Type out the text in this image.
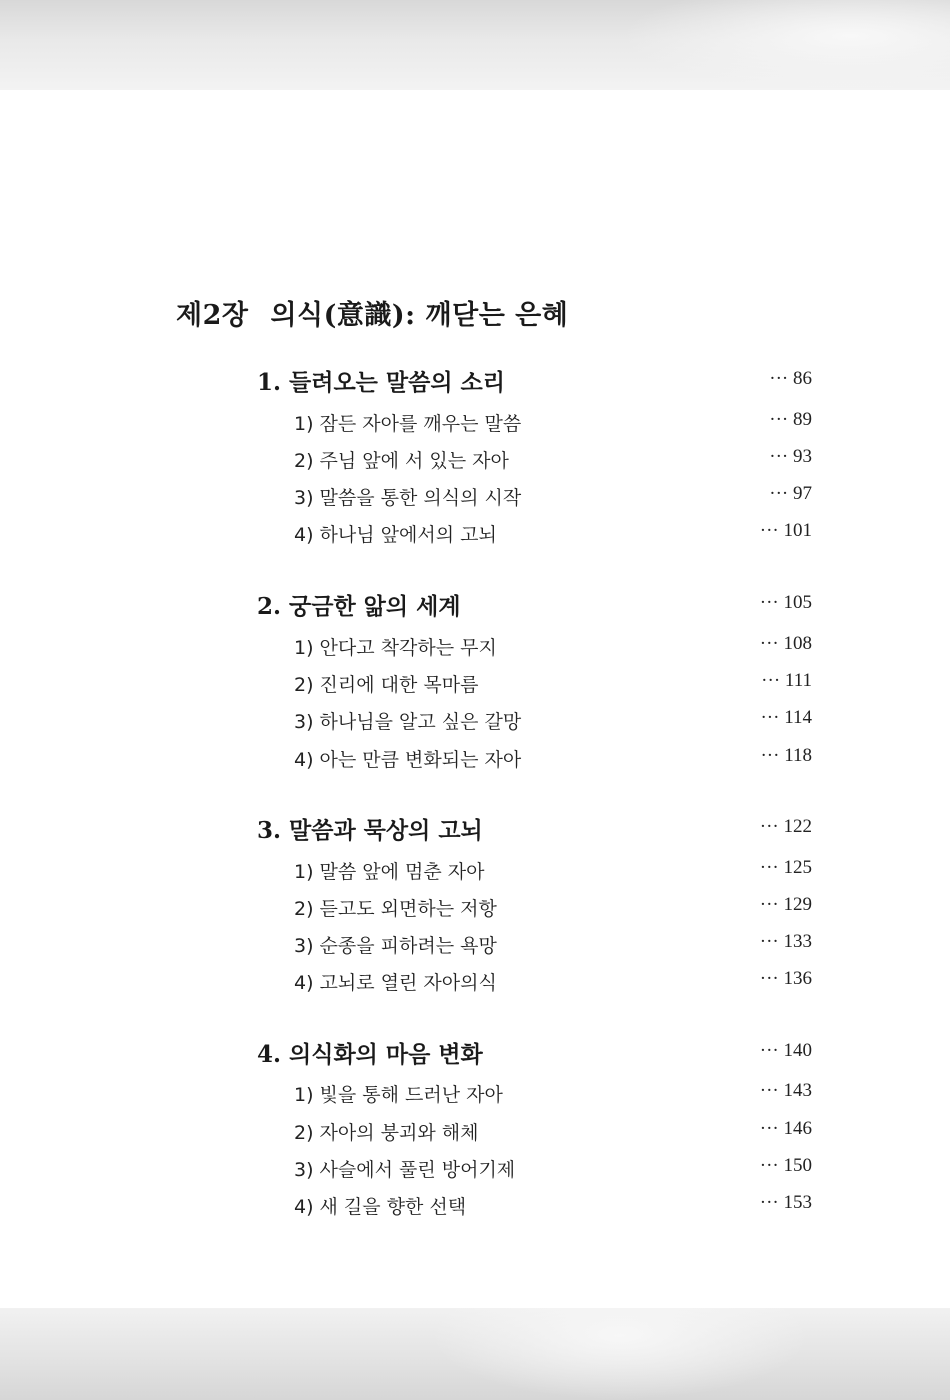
제2장 의식(意識): 깨닫는 은혜
1. 들려오는 말씀의 소리	··· 86
1) 잠든 자아를 깨우는 말씀	··· 89
2) 주님 앞에 서 있는 자아	··· 93
3) 말씀을 통한 의식의 시작	··· 97
4) 하나님 앞에서의 고뇌	··· 101
2. 궁금한 앎의 세계	··· 105
1) 안다고 착각하는 무지	··· 108
2) 진리에 대한 목마름	··· 111
3) 하나님을 알고 싶은 갈망	··· 114
4) 아는 만큼 변화되는 자아	··· 118
3. 말씀과 묵상의 고뇌	··· 122
1) 말씀 앞에 멈춘 자아	··· 125
2) 듣고도 외면하는 저항	··· 129
3) 순종을 피하려는 욕망	··· 133
4) 고뇌로 열린 자아의식	··· 136
4. 의식화의 마음 변화	··· 140
1) 빛을 통해 드러난 자아	··· 143
2) 자아의 붕괴와 해체	··· 146
3) 사슬에서 풀린 방어기제	··· 150
4) 새 길을 향한 선택	··· 153
